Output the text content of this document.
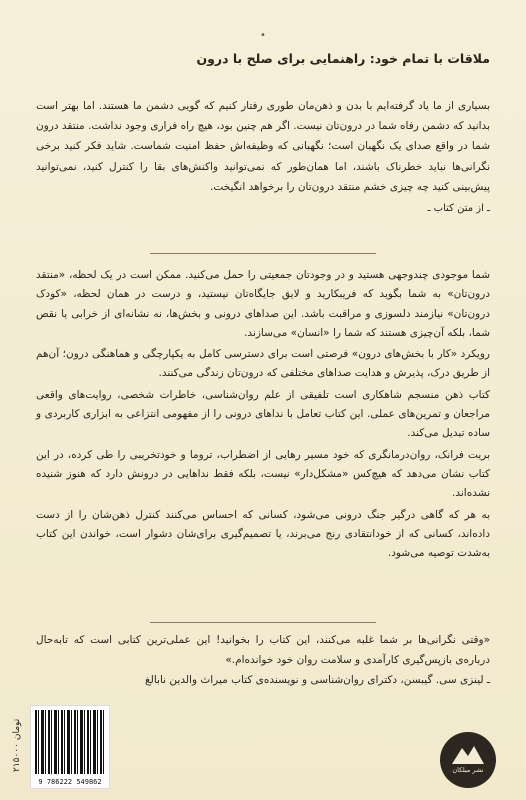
•
ملاقات با تمام خود: راهنمایی برای صلح با درون
بسیاری از ما یاد گرفته‌ایم با بدن و ذهن‌مان طوری رفتار کنیم که گویی دشمن ما هستند. اما بهتر است بدانید که دشمن رفاه شما در درون‌تان نیست. اگر هم چنین بود، هیچ راه فراری وجود نداشت. منتقد درون شما در واقع صدای یک نگهبان است؛ نگهبانی که وظیفه‌اش حفظ امنیت شماست. شاید فکر کنید برخی نگرانی‌ها نباید خطرناک باشند، اما همان‌طور که نمی‌توانید واکنش‌های بقا را کنترل کنید، نمی‌توانید پیش‌بینی کنید چه چیزی خشم منتقد درون‌تان را برخواهد انگیخت.
ـ از متن کتاب ـ

شما موجودی چندوجهی هستید و در وجودتان جمعیتی را حمل می‌کنید. ممکن است در یک لحظه، «منتقد درون‌تان» به شما بگوید که فریبکارید و لایق جایگاه‌تان نیستید، و درست در همان لحظه، «کودک درون‌تان» نیازمند دلسوزی و مراقبت باشد. این صداهای درونی و بخش‌ها، نه نشانه‌ای از خرابی یا نقص شما، بلکه آن‌چیزی هستند که شما را «انسان» می‌سازند.

رویکرد «کار با بخش‌های درون» فرصتی است برای دسترسی کامل به یکپارچگی و هماهنگی درون؛ آن‌هم از طریق درک، پذیرش و هدایت صداهای مختلفی که درون‌تان زندگی می‌کنند.

کتاب ذهن منسجم شاهکاری است تلفیقی از علم روان‌شناسی، خاطرات شخصی، روایت‌های واقعی مراجعان و تمرین‌های عملی. این کتاب تعامل با نداهای درونی را از مفهومی انتزاعی به ابزاری کاربردی و ساده تبدیل می‌کند.

بریت فرانک، روان‌درمانگری که خود مسیر رهایی از اضطراب، تروما و خودتخریبی را طی کرده، در این کتاب نشان می‌دهد که هیچ‌کس «مشکل‌دار» نیست، بلکه فقط نداهایی در درونش دارد که هنوز شنیده نشده‌اند.

به هر که گاهی درگیر جنگ درونی می‌شود، کسانی که احساس می‌کنند کنترل ذهن‌شان را از دست داده‌اند، کسانی که از خودانتقادی رنج می‌برند، یا تصمیم‌گیری برای‌شان دشوار است، خواندن این کتاب به‌شدت توصیه می‌شود.

«وقتی نگرانی‌ها بر شما غلبه می‌کنند، این کتاب را بخوانید! این عملی‌ترین کتابی است که تابه‌حال درباره‌ی بازپس‌گیری کارآمدی و سلامت روان خود خوانده‌ام.»
ـ لینزی سی. گیبسن، دکترای روان‌شناسی و نویسنده‌ی کتاب میراث والدین نابالغ
۲۱۵۰۰۰ تومان
9 786222 549862
نشر میلکان
